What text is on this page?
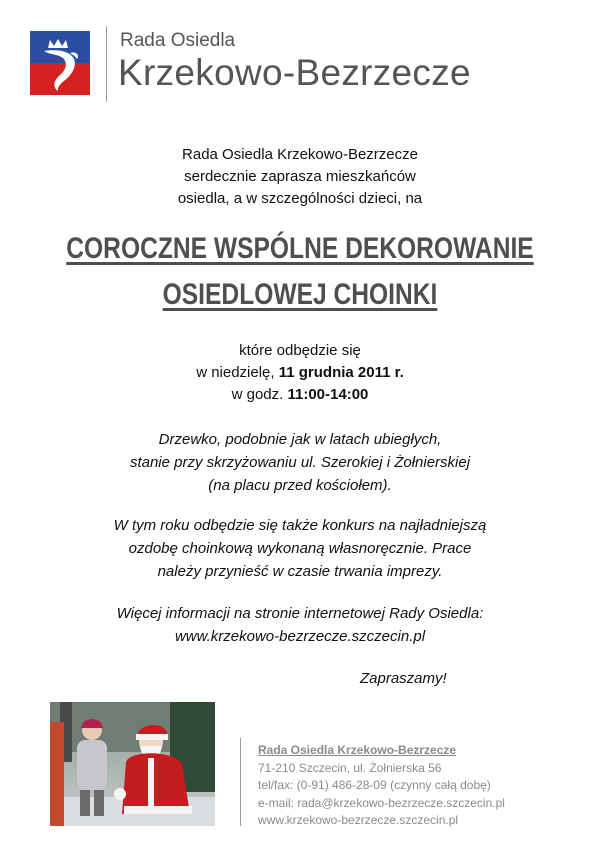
Rada Osiedla
Krzekowo-Bezrzecze
Rada Osiedla Krzekowo-Bezrzecze
serdecznie zaprasza mieszkańców
osiedla, a w szczególności dzieci, na
COROCZNE WSPÓLNE DEKOROWANIE
OSIEDLOWEJ CHOINKI
które odbędzie się
w niedzielę, 11 grudnia 2011 r.
w godz. 11:00-14:00
Drzewko, podobnie jak w latach ubiegłych,
stanie przy skrzyżowaniu ul. Szerokiej i Żołnierskiej
(na placu przed kościołem).
W tym roku odbędzie się także konkurs na najładniejszą
ozdobę choinkową wykonaną własnoręcznie. Prace
należy przynieść w czasie trwania imprezy.
Więcej informacji na stronie internetowej Rady Osiedla:
www.krzekowo-bezrzecze.szczecin.pl
Zapraszamy!
Rada Osiedla Krzekowo-Bezrzecze
71-210 Szczecin, ul. Żołnierska 56
tel/fax: (0-91) 486-28-09 (czynny całą dobę)
e-mail: rada@krzekowo-bezrzecze.szczecin.pl
www.krzekowo-bezrzecze.szczecin.pl
